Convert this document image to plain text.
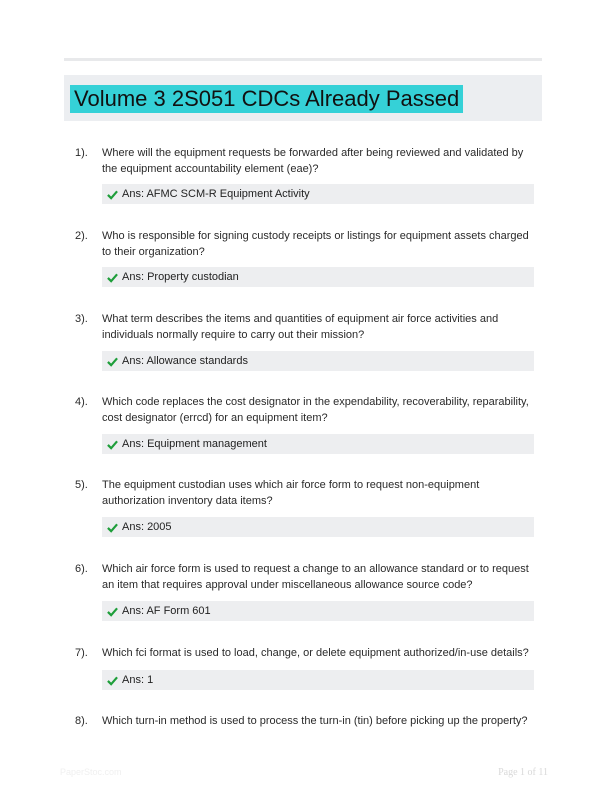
Volume 3 2S051 CDCs Already Passed
1). Where will the equipment requests be forwarded after being reviewed and validated by the equipment accountability element (eae)?
Ans: AFMC SCM-R Equipment Activity
2). Who is responsible for signing custody receipts or listings for equipment assets charged to their organization?
Ans: Property custodian
3). What term describes the items and quantities of equipment air force activities and individuals normally require to carry out their mission?
Ans: Allowance standards
4). Which code replaces the cost designator in the expendability, recoverability, reparability, cost designator (errcd) for an equipment item?
Ans: Equipment management
5). The equipment custodian uses which air force form to request non-equipment authorization inventory data items?
Ans: 2005
6). Which air force form is used to request a change to an allowance standard or to request an item that requires approval under miscellaneous allowance source code?
Ans: AF Form 601
7). Which fci format is used to load, change, or delete equipment authorized/in-use details?
Ans: 1
8). Which turn-in method is used to process the turn-in (tin) before picking up the property?
PaperStoc.com	Page 1 of 11
